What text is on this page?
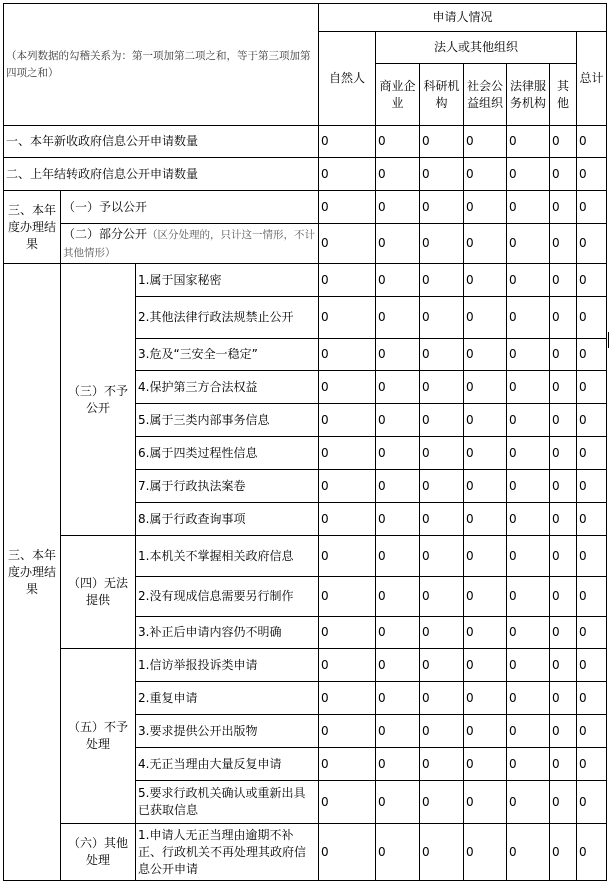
（本列数据的勾稽关系为：第一项加第二项之和，等于第三项加第四项之和）			申请人情况						
			自然人	法人或其他组织					总计
				商业企业	科研机构	社会公益组织	法律服务机构	其他	
一、本年新收政府信息公开申请数量			0	0	0	0	0	0	0
二、上年结转政府信息公开申请数量			0	0	0	0	0	0	0
三、本年度办理结果	（一）予以公开		0	0	0	0	0	0	0
	（二）部分公开（区分处理的，只计这一情形，不计其他情形）		0	0	0	0	0	0	0
三、本年度办理结果	（三）不予公开	1.属于国家秘密	0	0	0	0	0	0	0
		2.其他法律行政法规禁止公开	0	0	0	0	0	0	0
		3.危及“三安全一稳定”	0	0	0	0	0	0	0
		4.保护第三方合法权益	0	0	0	0	0	0	0
		5.属于三类内部事务信息	0	0	0	0	0	0	0
		6.属于四类过程性信息	0	0	0	0	0	0	0
		7.属于行政执法案卷	0	0	0	0	0	0	0
		8.属于行政查询事项	0	0	0	0	0	0	0
	（四）无法提供	1.本机关不掌握相关政府信息	0	0	0	0	0	0	0
		2.没有现成信息需要另行制作	0	0	0	0	0	0	0
		3.补正后申请内容仍不明确	0	0	0	0	0	0	0
	（五）不予处理	1.信访举报投诉类申请	0	0	0	0	0	0	0
		2.重复申请	0	0	0	0	0	0	0
		3.要求提供公开出版物	0	0	0	0	0	0	0
		4.无正当理由大量反复申请	0	0	0	0	0	0	0
		5.要求行政机关确认或重新出具已获取信息	0	0	0	0	0	0	0
	（六）其他处理	1.申请人无正当理由逾期不补正、行政机关不再处理其政府信息公开申请	0	0	0	0	0	0	0
